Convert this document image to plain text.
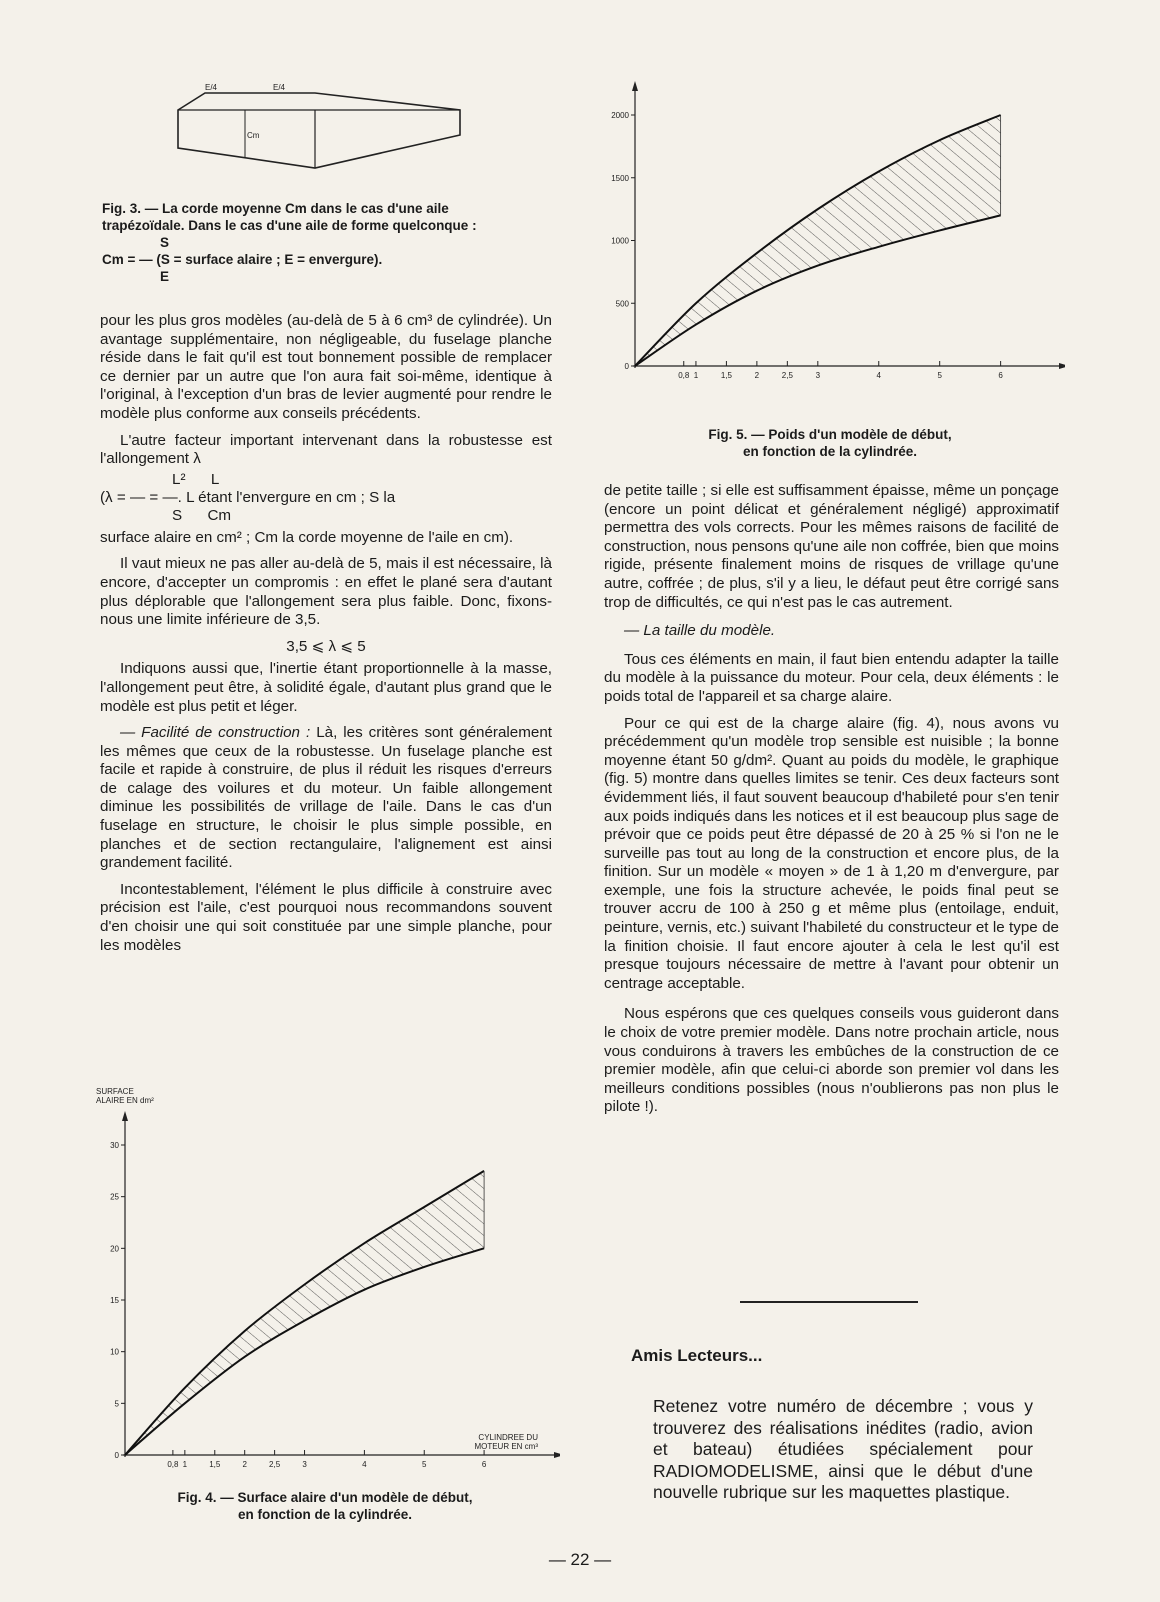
E/4	E/4
Cm
Fig. 3. — La corde moyenne Cm dans le cas d'une aile
trapézoïdale. Dans le cas d'une aile de forme quelconque :
S
Cm = — (S = surface alaire ; E = envergure).
E

pour les plus gros modèles (au-delà de 5 à 6 cm³ de cylindrée). Un avantage supplémentaire, non négligeable, du fuselage planche réside dans le fait qu'il est tout bonnement possible de remplacer ce dernier par un autre que l'on aura fait soi-même, identique à l'original, à l'exception d'un bras de levier augmenté pour rendre le modèle plus conforme aux conseils précédents.

L'autre facteur important intervenant dans la robustesse est l'allongement λ

L²      L
(λ = — = —. L étant l'envergure en cm ; S la
S      Cm

surface alaire en cm² ; Cm la corde moyenne de l'aile en cm).

Il vaut mieux ne pas aller au-delà de 5, mais il est nécessaire, là encore, d'accepter un compromis : en effet le plané sera d'autant plus déplorable que l'allongement sera plus faible. Donc, fixons-nous une limite inférieure de 3,5.

3,5 ⩽ λ ⩽ 5

Indiquons aussi que, l'inertie étant proportionnelle à la masse, l'allongement peut être, à solidité égale, d'autant plus grand que le modèle est plus petit et léger.

— Facilité de construction : Là, les critères sont généralement les mêmes que ceux de la robustesse. Un fuselage planche est facile et rapide à construire, de plus il réduit les risques d'erreurs de calage des voilures et du moteur. Un faible allongement diminue les possibilités de vrillage de l'aile. Dans le cas d'un fuselage en structure, le choisir le plus simple possible, en planches et de section rectangulaire, l'alignement est ainsi grandement facilité.

Incontestablement, l'élément le plus difficile à construire avec précision est l'aile, c'est pourquoi nous recommandons souvent d'en choisir une qui soit constituée par une simple planche, pour les modèles

0
5
10
15
20
25
30
0,8 1	1,5	2	2,5	3	4	5	6
SURFACE
ALAIRE EN dm²
CYLINDREE DU
MOTEUR EN cm³
Fig. 4. — Surface alaire d'un modèle de début,
en fonction de la cylindrée.
0
500
1000
1500
2000
0,8 1	1,5	2	2,5	3	4	5	6
Fig. 5. — Poids d'un modèle de début,
en fonction de la cylindrée.

de petite taille ; si elle est suffisamment épaisse, même un ponçage (encore un point délicat et généralement négligé) approximatif permettra des vols corrects. Pour les mêmes raisons de facilité de construction, nous pensons qu'une aile non coffrée, bien que moins rigide, présente finalement moins de risques de vrillage qu'une autre, coffrée ; de plus, s'il y a lieu, le défaut peut être corrigé sans trop de difficultés, ce qui n'est pas le cas autrement.

— La taille du modèle.

Tous ces éléments en main, il faut bien entendu adapter la taille du modèle à la puissance du moteur. Pour cela, deux éléments : le poids total de l'appareil et sa charge alaire.

Pour ce qui est de la charge alaire (fig. 4), nous avons vu précédemment qu'un modèle trop sensible est nuisible ; la bonne moyenne étant 50 g/dm². Quant au poids du modèle, le graphique (fig. 5) montre dans quelles limites se tenir. Ces deux facteurs sont évidemment liés, il faut souvent beaucoup d'habileté pour s'en tenir aux poids indiqués dans les notices et il est beaucoup plus sage de prévoir que ce poids peut être dépassé de 20 à 25 % si l'on ne le surveille pas tout au long de la construction et encore plus, de la finition. Sur un modèle « moyen » de 1 à 1,20 m d'envergure, par exemple, une fois la structure achevée, le poids final peut se trouver accru de 100 à 250 g et même plus (entoilage, enduit, peinture, vernis, etc.) suivant l'habileté du constructeur et le type de la finition choisie. Il faut encore ajouter à cela le lest qu'il est presque toujours nécessaire de mettre à l'avant pour obtenir un centrage acceptable.

Nous espérons que ces quelques conseils vous guideront dans le choix de votre premier modèle. Dans notre prochain article, nous vous conduirons à travers les embûches de la construction de ce premier modèle, afin que celui-ci aborde son premier vol dans les meilleurs conditions possibles (nous n'oublierons pas non plus le pilote !).

Amis Lecteurs...
Retenez votre numéro de décembre ; vous y trouverez des réalisations inédites (radio, avion et bateau) étudiées spécialement pour RADIOMODELISME, ainsi que le début d'une nouvelle rubrique sur les maquettes plastique.
— 22 —
